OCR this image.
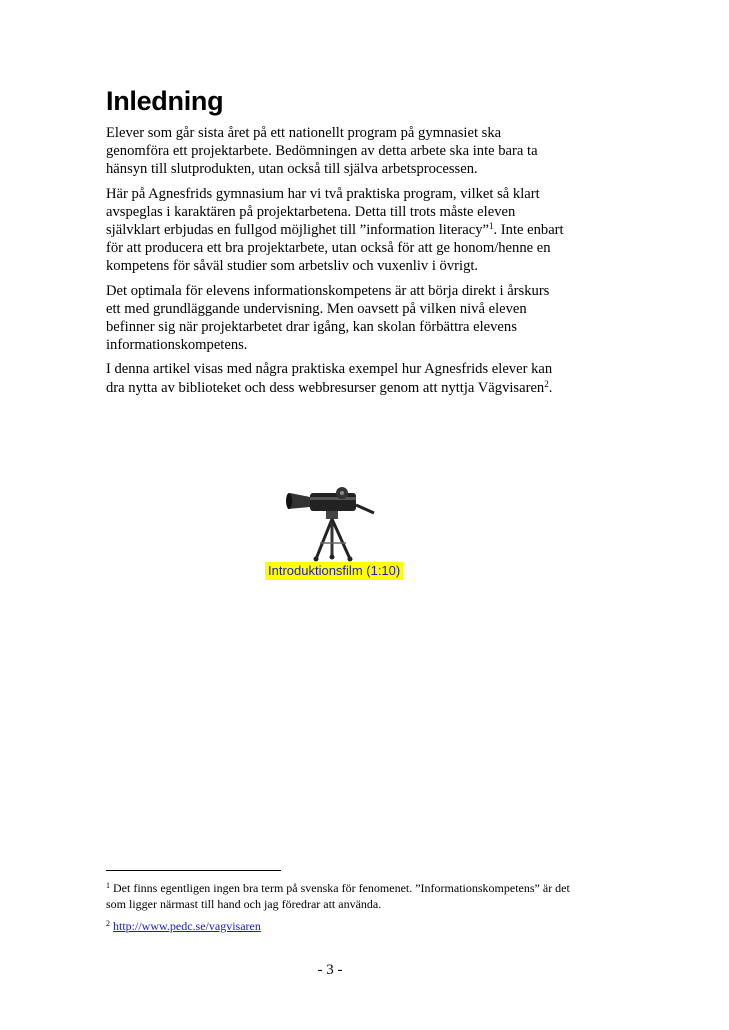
Inledning

Elever som går sista året på ett nationellt program på gymnasiet ska genomföra ett projektarbete. Bedömningen av detta arbete ska inte bara ta hänsyn till slutprodukten, utan också till själva arbetsprocessen.

Här på Agnesfrids gymnasium har vi två praktiska program, vilket så klart avspeglas i karaktären på projektarbetena. Detta till trots måste eleven självklart erbjudas en fullgod möjlighet till ”information literacy”$^1$. Inte enbart för att producera ett bra projektarbete, utan också för att ge honom/henne en kompetens för såväl studier som arbetsliv och vuxenliv i övrigt.

Det optimala för elevens informationskompetens är att börja direkt i årskurs ett med grundläggande undervisning. Men oavsett på vilken nivå eleven befinner sig när projektarbetet drar igång, kan skolan förbättra elevens informationskompetens.

I denna artikel visas med några praktiska exempel hur Agnesfrids elever kan dra nytta av biblioteket och dess webbresurser genom att nyttja Vägvisaren$^2$.

Introduktionsfilm (1:10)

$^1$ Det finns egentligen ingen bra term på svenska för fenomenet. ”Informationskompetens” är det som ligger närmast till hand och jag föredrar att använda.

$^2$ http://www.pedc.se/vagvisaren

- 3 -
